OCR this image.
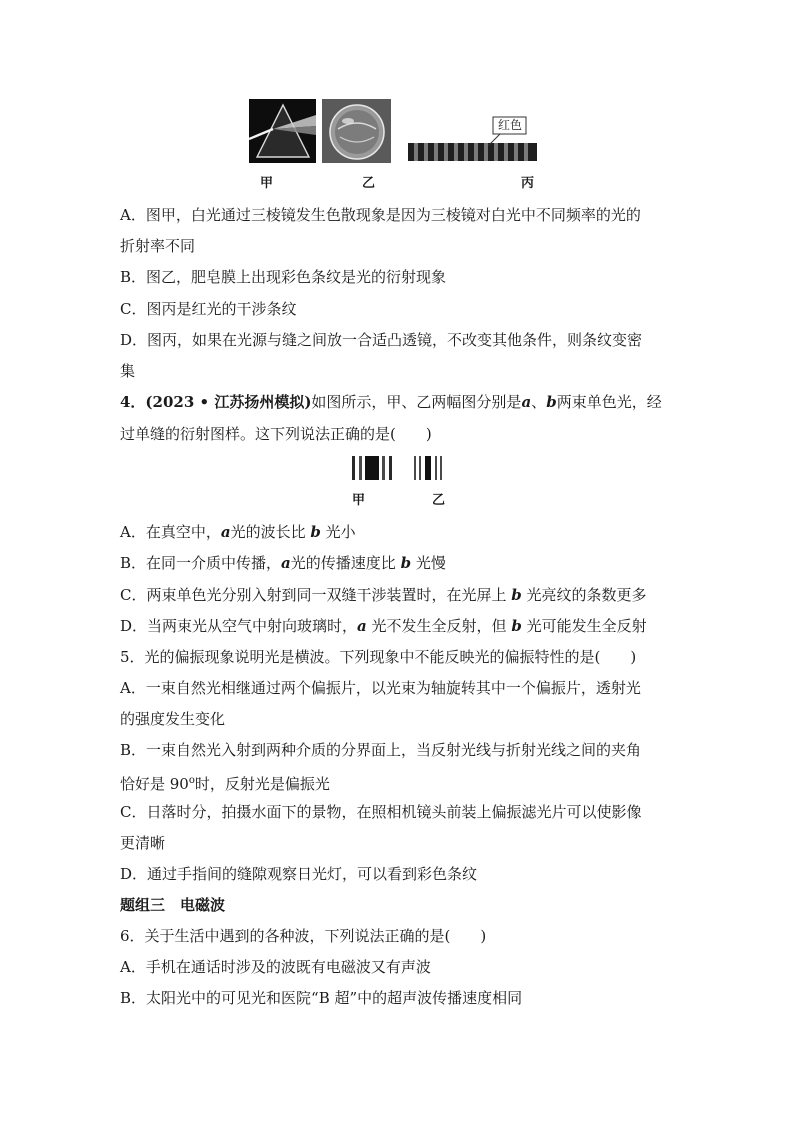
红色
甲	乙	丙
A．图甲，白光通过三棱镜发生色散现象是因为三棱镜对白光中不同频率的光的
折射率不同
B．图乙，肥皂膜上出现彩色条纹是光的衍射现象
C．图丙是红光的干涉条纹
D．图丙，如果在光源与缝之间放一合适凸透镜，不改变其他条件，则条纹变密
集
4．(2023 • 江苏扬州模拟)如图所示，甲、乙两幅图分别是a、b两束单色光，经
过单缝的衍射图样。这下列说法正确的是(　　)
甲	乙
A．在真空中，a光的波长比 b 光小
B．在同一介质中传播，a光的传播速度比 b 光慢
C．两束单色光分别入射到同一双缝干涉装置时，在光屏上 b 光亮纹的条数更多
D．当两束光从空气中射向玻璃时，a 光不发生全反射，但 b 光可能发生全反射
5．光的偏振现象说明光是横波。下列现象中不能反映光的偏振特性的是(　　)
A．一束自然光相继通过两个偏振片，以光束为轴旋转其中一个偏振片，透射光
的强度发生变化
B．一束自然光入射到两种介质的分界面上，当反射光线与折射光线之间的夹角
恰好是 90$^o$时，反射光是偏振光
C．日落时分，拍摄水面下的景物，在照相机镜头前装上偏振滤光片可以使影像
更清晰
D．通过手指间的缝隙观察日光灯，可以看到彩色条纹
题组三　电磁波
6．关于生活中遇到的各种波，下列说法正确的是(　　)
A．手机在通话时涉及的波既有电磁波又有声波
B．太阳光中的可见光和医院“B 超”中的超声波传播速度相同
